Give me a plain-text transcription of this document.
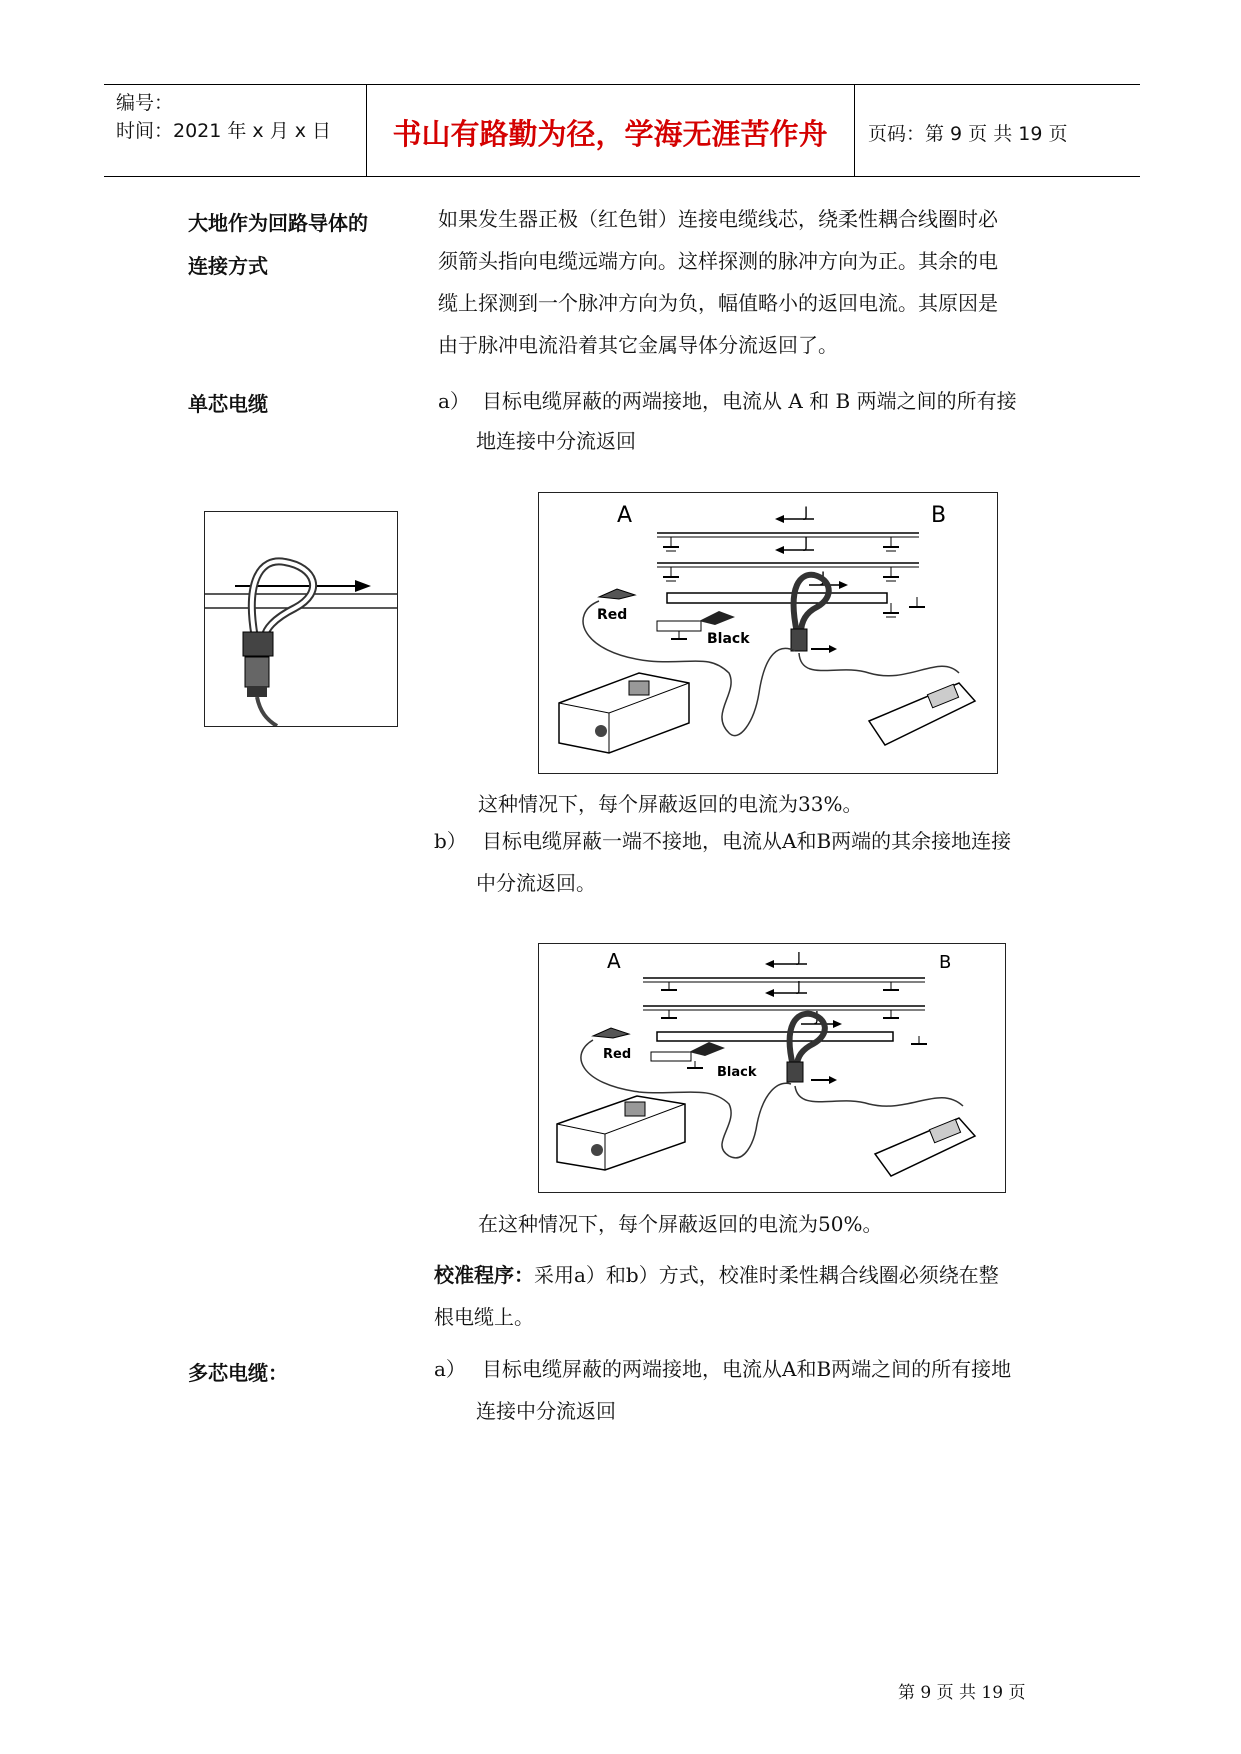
编号：
时间：2021 年 x 月 x 日	书山有路勤为径，学海无涯苦作舟	页码：第 9 页 共 19 页
大地作为回路导体的
连接方式
如果发生器正极（红色钳）连接电缆线芯，绕柔性耦合线圈时必
须箭头指向电缆远端方向。这样探测的脉冲方向为正。其余的电
缆上探测到一个脉冲方向为负，幅值略小的返回电流。其原因是
由于脉冲电流沿着其它金属导体分流返回了。
单芯电缆	a） 目标电缆屏蔽的两端接地，电流从 A 和 B 两端之间的所有接
地连接中分流返回
A	B
J
J
J
Red
Black
这种情况下，每个屏蔽返回的电流为33%。
b） 目标电缆屏蔽一端不接地，电流从A和B两端的其余接地连接
中分流返回。
A	B
J
J
J
Red
Black
在这种情况下，每个屏蔽返回的电流为50%。
校准程序：采用a）和b）方式，校准时柔性耦合线圈必须绕在整
根电缆上。
多芯电缆：	a） 目标电缆屏蔽的两端接地，电流从A和B两端之间的所有接地
连接中分流返回
第 9 页 共 19 页
